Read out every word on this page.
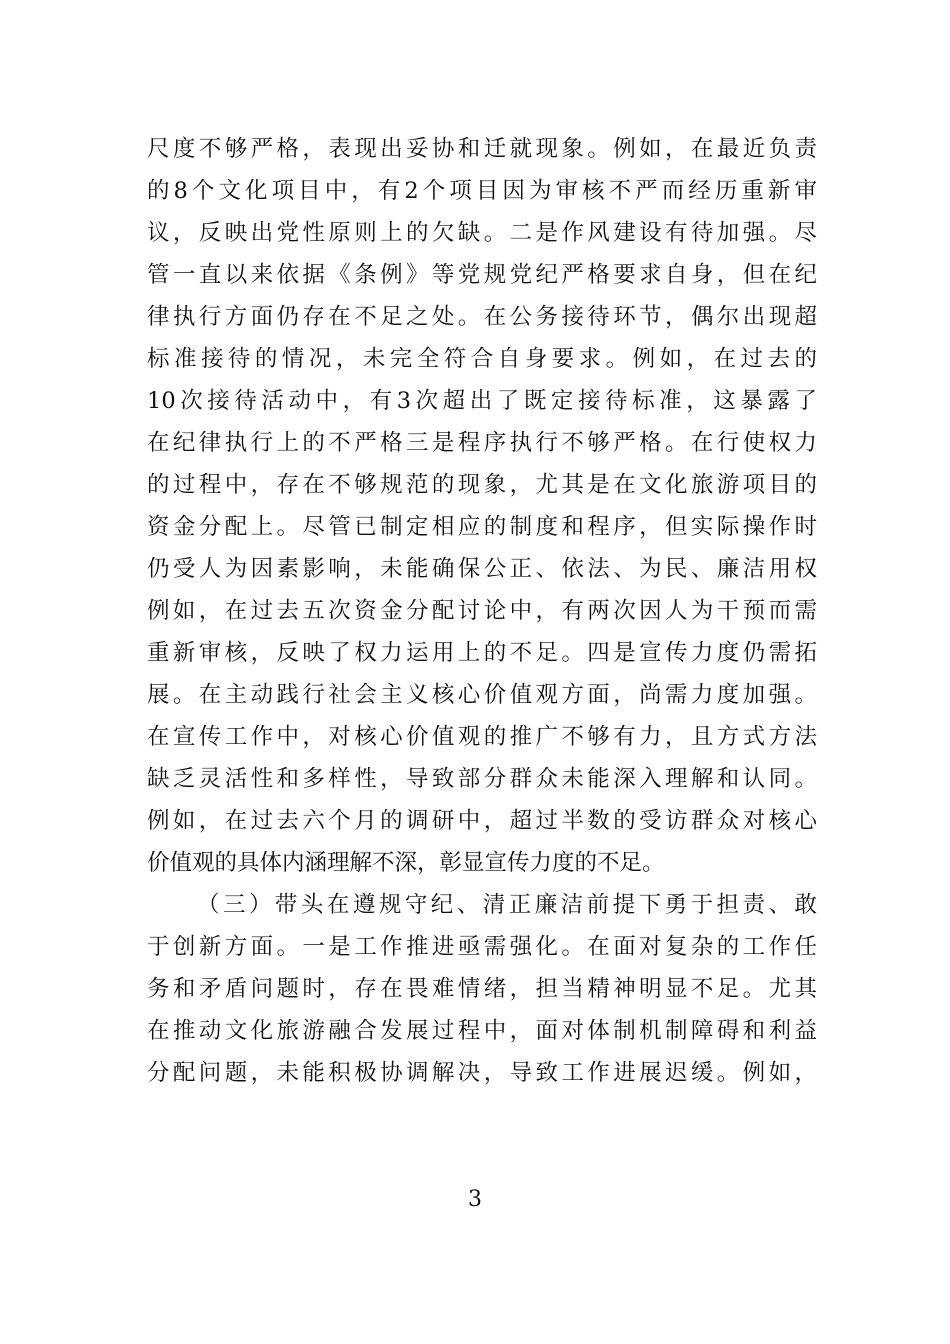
尺度不够严格，表现出妥协和迁就现象。例如，在最近负责
的8个文化项目中，有2个项目因为审核不严而经历重新审
议，反映出党性原则上的欠缺。二是作风建设有待加强。尽
管一直以来依据《条例》等党规党纪严格要求自身，但在纪
律执行方面仍存在不足之处。在公务接待环节，偶尔出现超
标准接待的情况，未完全符合自身要求。例如，在过去的
10次接待活动中，有3次超出了既定接待标准，这暴露了
在纪律执行上的不严格三是程序执行不够严格。在行使权力
的过程中，存在不够规范的现象，尤其是在文化旅游项目的
资金分配上。尽管已制定相应的制度和程序，但实际操作时
仍受人为因素影响，未能确保公正、依法、为民、廉洁用权
例如，在过去五次资金分配讨论中，有两次因人为干预而需
重新审核，反映了权力运用上的不足。四是宣传力度仍需拓
展。在主动践行社会主义核心价值观方面，尚需力度加强。
在宣传工作中，对核心价值观的推广不够有力，且方式方法
缺乏灵活性和多样性，导致部分群众未能深入理解和认同。
例如，在过去六个月的调研中，超过半数的受访群众对核心
价值观的具体内涵理解不深，彰显宣传力度的不足。
（三）带头在遵规守纪、清正廉洁前提下勇于担责、敢
于创新方面。一是工作推进亟需强化。在面对复杂的工作任
务和矛盾问题时，存在畏难情绪，担当精神明显不足。尤其
在推动文化旅游融合发展过程中，面对体制机制障碍和利益
分配问题，未能积极协调解决，导致工作进展迟缓。例如，
3
